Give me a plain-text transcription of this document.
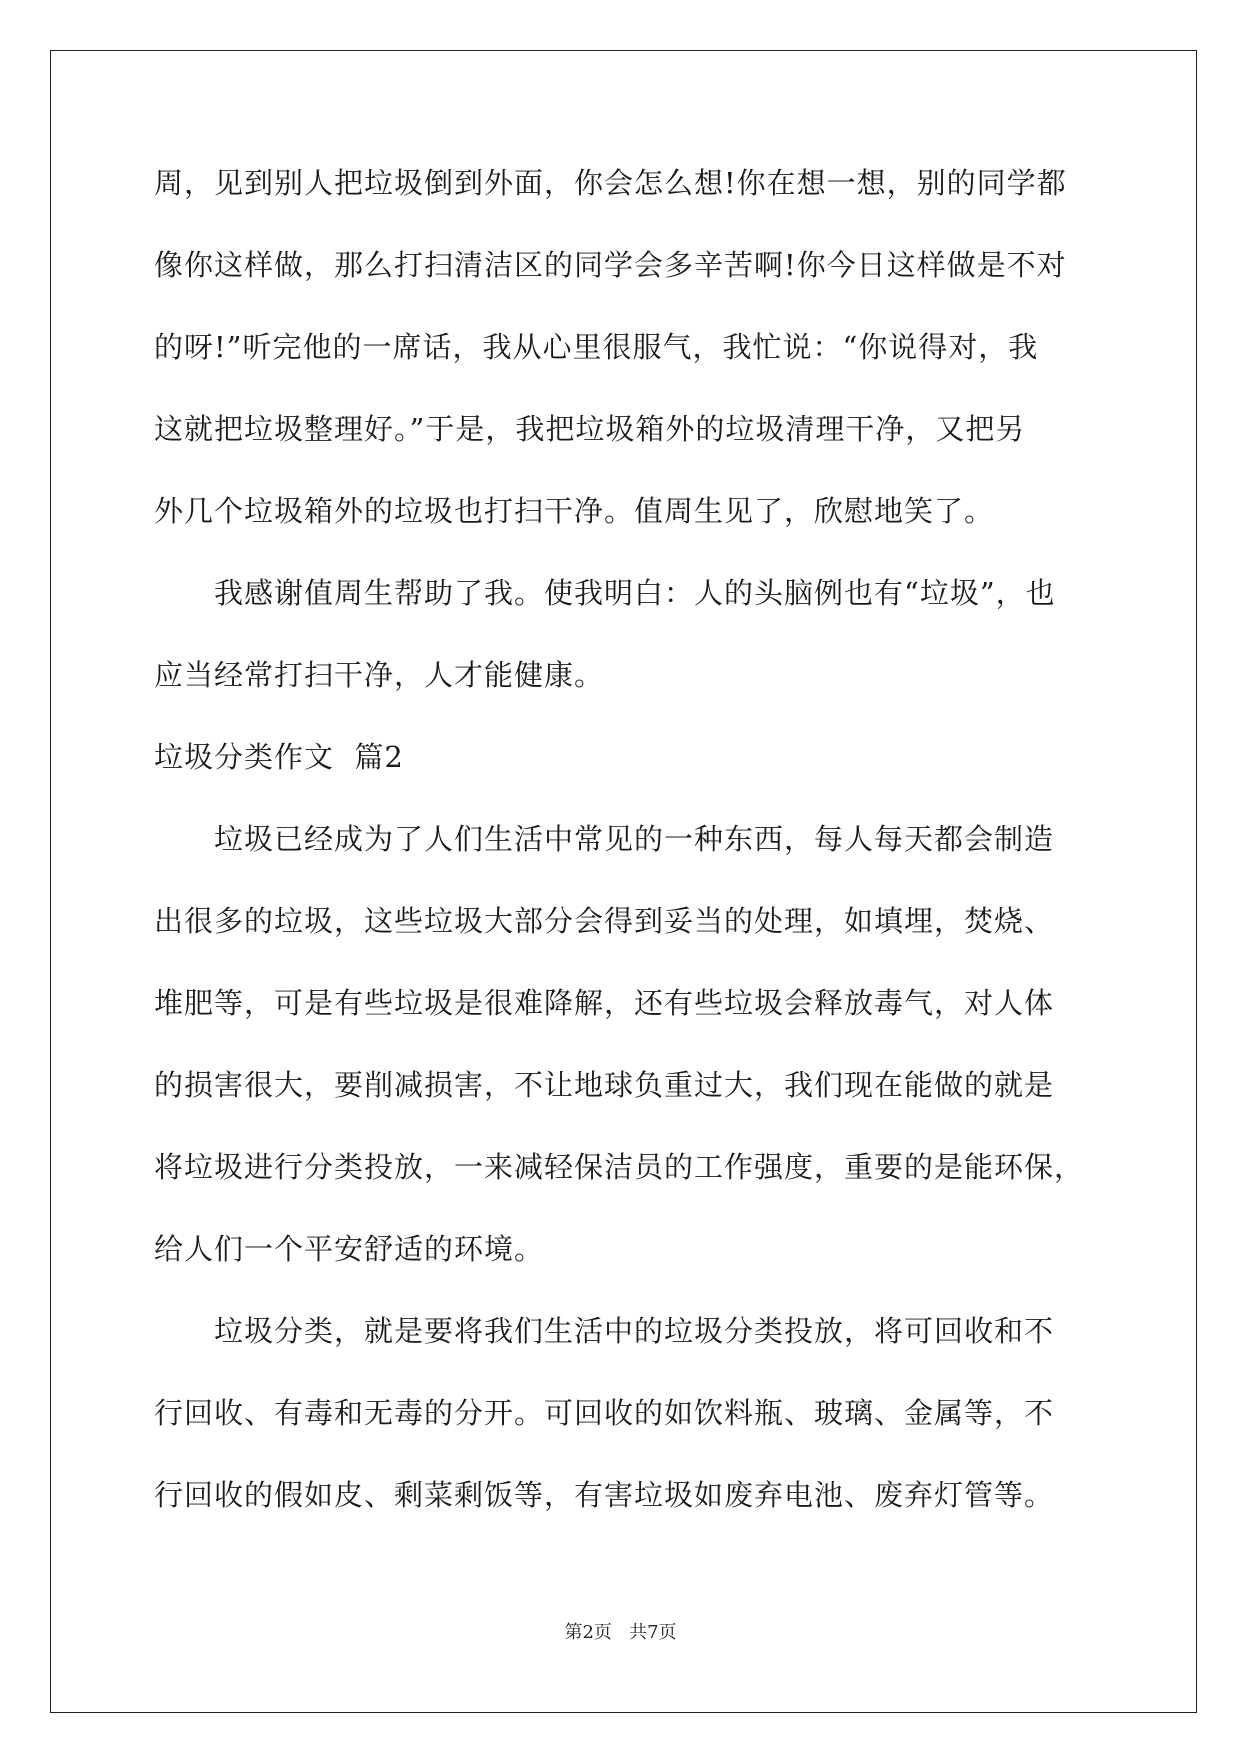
周，见到别人把垃圾倒到外面，你会怎么想!你在想一想，别的同学都
像你这样做，那么打扫清洁区的同学会多辛苦啊!你今日这样做是不对
的呀!”听完他的一席话，我从心里很服气，我忙说：“你说得对，我
这就把垃圾整理好。”于是，我把垃圾箱外的垃圾清理干净，又把另
外几个垃圾箱外的垃圾也打扫干净。值周生见了，欣慰地笑了。
　　我感谢值周生帮助了我。使我明白：人的头脑例也有“垃圾”，也
应当经常打扫干净，人才能健康。
垃圾分类作文  篇2
　　垃圾已经成为了人们生活中常见的一种东西，每人每天都会制造
出很多的垃圾，这些垃圾大部分会得到妥当的处理，如填埋，焚烧、
堆肥等，可是有些垃圾是很难降解，还有些垃圾会释放毒气，对人体
的损害很大，要削减损害，不让地球负重过大，我们现在能做的就是
将垃圾进行分类投放，一来减轻保洁员的工作强度，重要的是能环保，
给人们一个平安舒适的环境。
　　垃圾分类，就是要将我们生活中的垃圾分类投放，将可回收和不
行回收、有毒和无毒的分开。可回收的如饮料瓶、玻璃、金属等，不
行回收的假如皮、剩菜剩饭等，有害垃圾如废弃电池、废弃灯管等。
第2页   共7页
